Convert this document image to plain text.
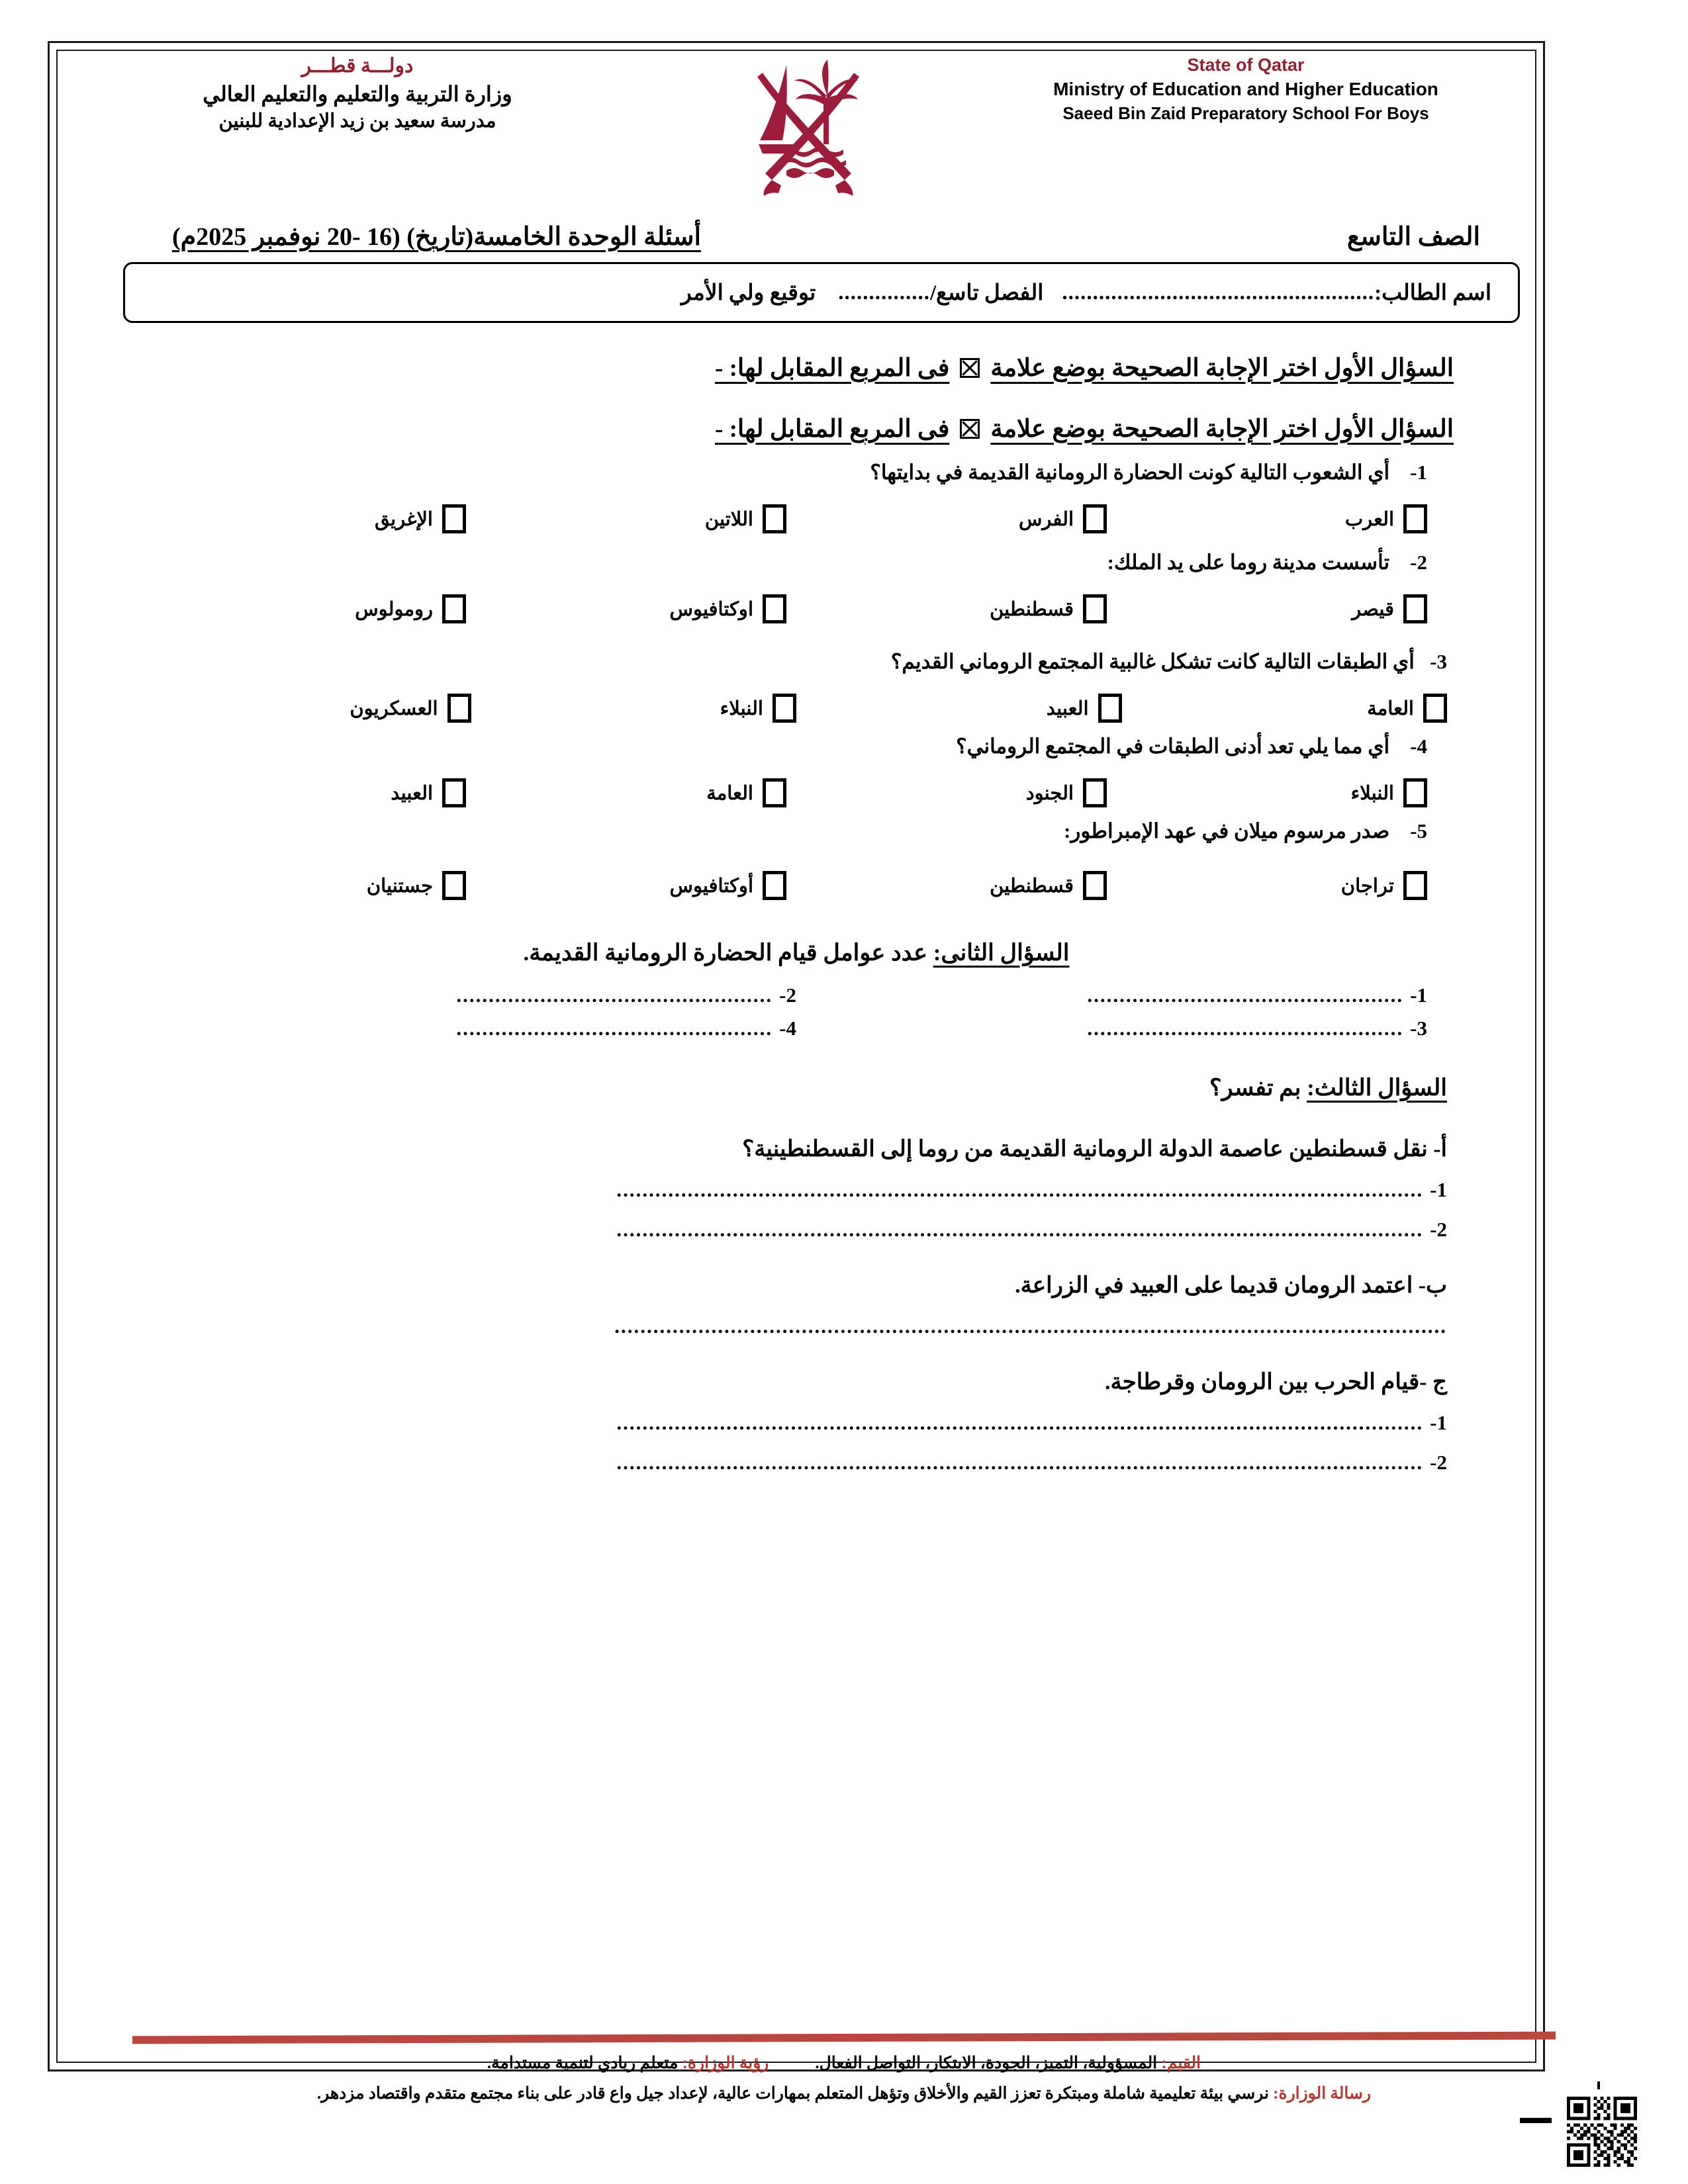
دولـــة قطـــر
وزارة التربية والتعليم والتعليم العالي
مدرسة سعيد بن زيد الإعدادية للبنين
State of Qatar
Ministry of Education and Higher Education
Saeed Bin Zaid Preparatory School For Boys
الصف التاسع
أسئلة الوحدة الخامسة(تاريخ) (16 -20 نوفمبر 2025م)
اسم الطالب:
...................................................
الفصل تاسع/
...............
توقيع ولي الأمر
السؤال الأول اختر الإجابة الصحيحة بوضع علامة
فى المربع المقابل لها: -
السؤال الأول اختر الإجابة الصحيحة بوضع علامة
فى المربع المقابل لها: -
1-    أي الشعوب التالية كونت الحضارة الرومانية القديمة في بدايتها؟
العرب
الفرس
اللاتين
الإغريق
2-    تأسست مدينة روما على يد الملك:
قيصر
قسطنطين
اوكتافيوس
رومولوس
3-   أي الطبقات التالية كانت تشكل غالبية المجتمع الروماني القديم؟
العامة
العبيد
النبلاء
العسكريون
4-    أي مما يلي تعد أدنى الطبقات في المجتمع الروماني؟
النبلاء
الجنود
العامة
العبيد
5-    صدر مرسوم ميلان في عهد الإمبراطور:
تراجان
قسطنطين
أوكتافيوس
جستنيان
السؤال الثانى: عدد عوامل قيام الحضارة الرومانية القديمة.
1-
.................................................
2-
.................................................
3-
.................................................
4-
.................................................
السؤال الثالث: بم تفسر؟
أ- نقل قسطنطين عاصمة الدولة الرومانية القديمة من روما إلى القسطنطينية؟
1-
.............................................................................................................................
2-
.............................................................................................................................
ب- اعتمد الرومان قديما على العبيد في الزراعة.
.................................................................................................................................
ج -قيام الحرب بين الرومان وقرطاجة.
1-
.............................................................................................................................
2-
.............................................................................................................................
رؤية الوزارة: متعلم ريادي لتنمية مستدامة.	القيم: المسؤولية، التميز، الجودة، الابتكار، التواصل الفعال.
رسالة الوزارة: نرسي بيئة تعليمية شاملة ومبتكرة تعزز القيم والأخلاق وتؤهل المتعلم بمهارات عالية، لإعداد جيل واع قادر على بناء مجتمع متقدم واقتصاد مزدهر.
